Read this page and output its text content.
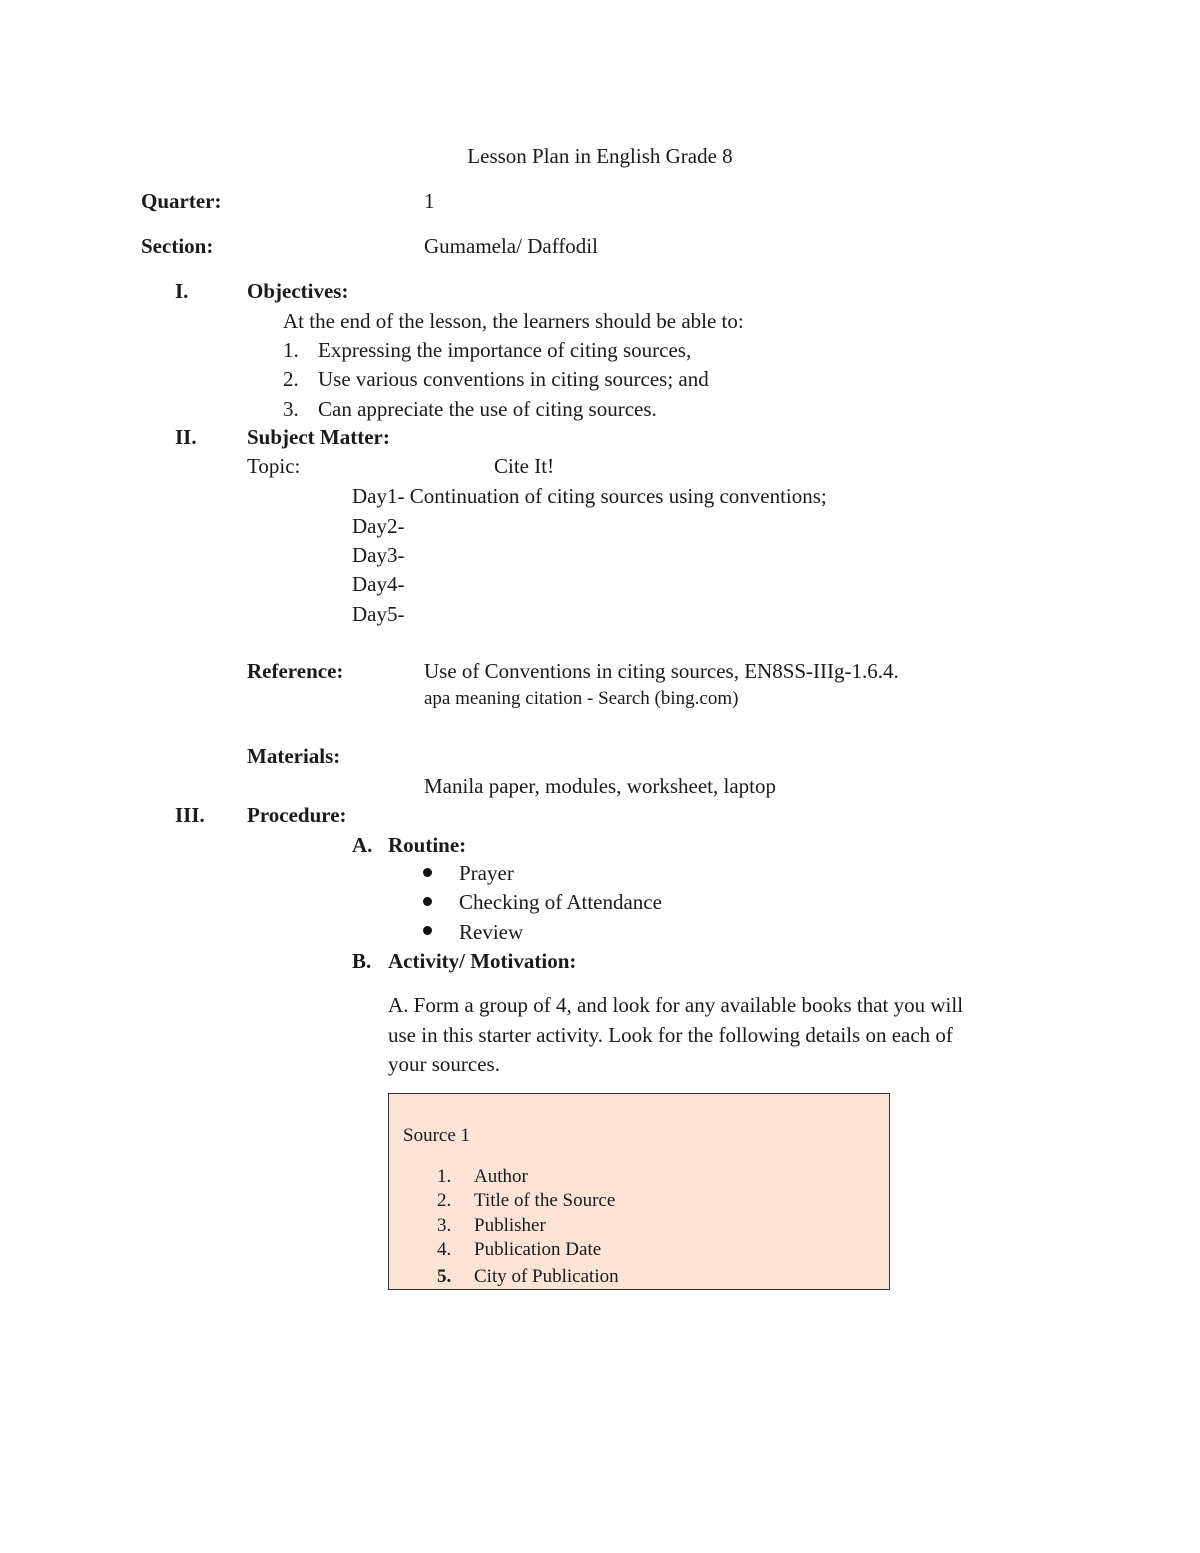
Lesson Plan in English Grade 8
Quarter:	1
Section:	Gumamela/ Daffodil
I.	Objectives:
At the end of the lesson, the learners should be able to:
1. Expressing the importance of citing sources,
2. Use various conventions in citing sources; and
3. Can appreciate the use of citing sources.
II. Subject Matter:
Topic:	Cite It!
Day1- Continuation of citing sources using conventions;
Day2-
Day3-
Day4-
Day5-
Reference:	Use of Conventions in citing sources, EN8SS-IIIg-1.6.4.
apa meaning citation - Search (bing.com)
Materials:
Manila paper, modules, worksheet, laptop
III. Procedure:
A. Routine:
Prayer
Checking of Attendance
Review
B. Activity/ Motivation:
A. Form a group of 4, and look for any available books that you will
use in this starter activity. Look for the following details on each of
your sources.
Source 1
1. Author
2. Title of the Source
3. Publisher
4. Publication Date
5. City of Publication
